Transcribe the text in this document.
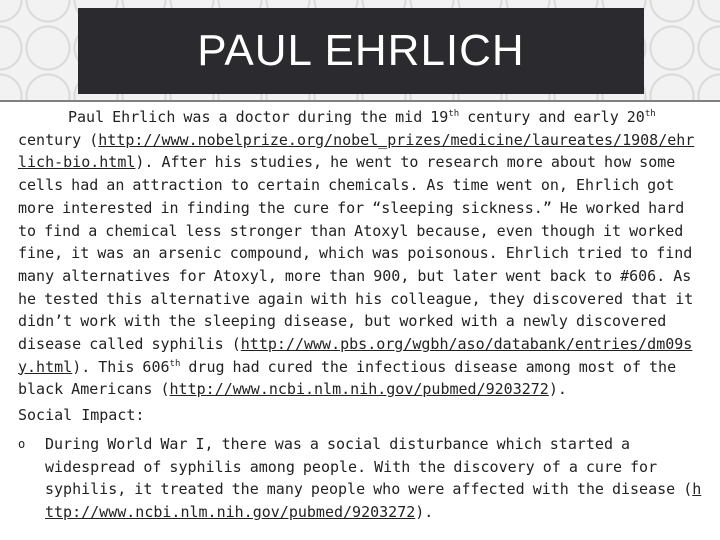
PAUL EHRLICH

Paul Ehrlich was a doctor during the mid 19th century and early 20th century (http://www.nobelprize.org/nobel_prizes/medicine/laureates/1908/ehrlich-bio.html). After his studies, he went to research more about how some cells had an attraction to certain chemicals. As time went on, Ehrlich got more interested in finding the cure for “sleeping sickness.” He worked hard to find a chemical less stronger than Atoxyl because, even though it worked fine, it was an arsenic compound, which was poisonous. Ehrlich tried to find many alternatives for Atoxyl, more than 900, but later went back to #606. As he tested this alternative again with his colleague, they discovered that it didn’t work with the sleeping disease, but worked with a newly discovered disease called syphilis (http://www.pbs.org/wgbh/aso/databank/entries/dm09sy.html). This 606th drug had cured the infectious disease among most of the black Americans (http://www.ncbi.nlm.nih.gov/pubmed/9203272).

Social Impact:
o	During World War I, there was a social disturbance which started a widespread of syphilis among people. With the discovery of a cure for syphilis, it treated the many people who were affected with the disease (http://www.ncbi.nlm.nih.gov/pubmed/9203272).
